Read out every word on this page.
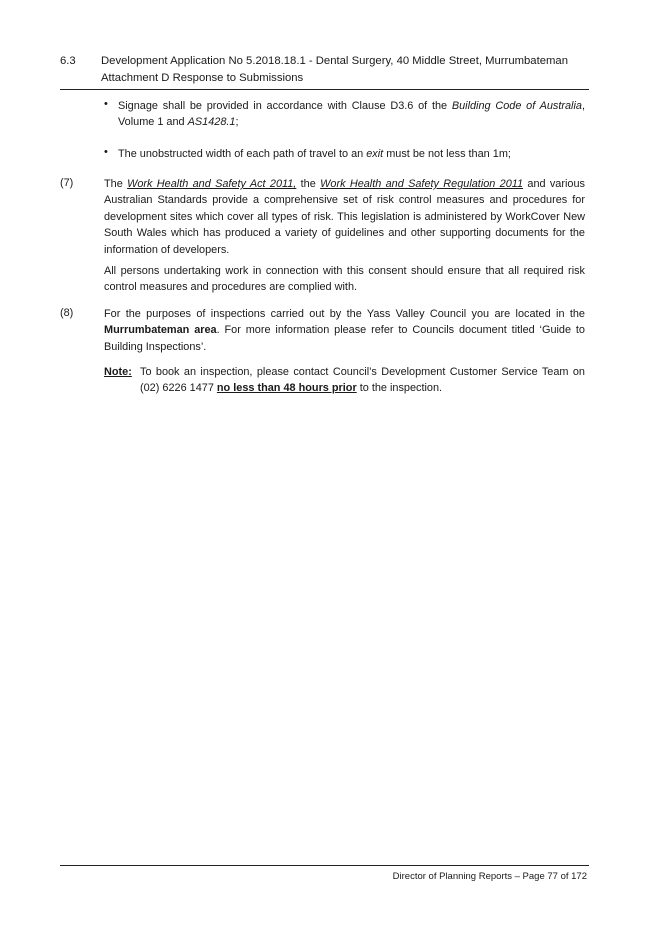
6.3 Development Application No 5.2018.18.1 - Dental Surgery, 40 Middle Street, Murrumbateman
Attachment D Response to Submissions
• Signage shall be provided in accordance with Clause D3.6 of the Building Code of Australia, Volume 1 and AS1428.1;
• The unobstructed width of each path of travel to an exit must be not less than 1m;
(7)	The Work Health and Safety Act 2011, the Work Health and Safety Regulation 2011 and various Australian Standards provide a comprehensive set of risk control measures and procedures for development sites which cover all types of risk. This legislation is administered by WorkCover New South Wales which has produced a variety of guidelines and other supporting documents for the information of developers.
All persons undertaking work in connection with this consent should ensure that all required risk control measures and procedures are complied with.
(8)	For the purposes of inspections carried out by the Yass Valley Council you are located in the Murrumbateman area. For more information please refer to Councils document titled ‘Guide to Building Inspections’.
Note: To book an inspection, please contact Council’s Development Customer Service Team on (02) 6226 1477 no less than 48 hours prior to the inspection.
Director of Planning Reports – Page 77 of 172
